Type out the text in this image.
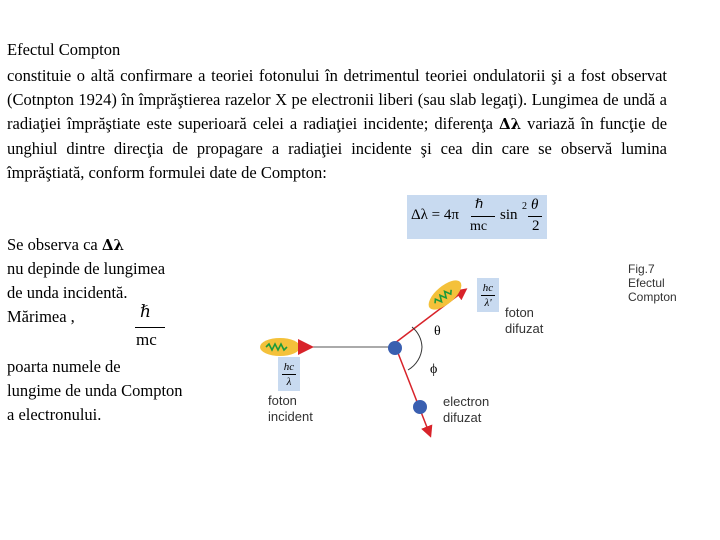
Efectul Compton

constituie o altă confirmare a teoriei fotonului în detrimentul teoriei ondulatorii şi a fost observat (Cotnpton 1924) în împrăştierea razelor X pe electronii liberi (sau slab legaţi). Lungimea de undă a radiaţiei împrăştiate este superioară celei a radiaţiei incidente; diferenţa Δλ variază în funcţie de unghiul dintre direcţia de propagare a radiaţiei incidente şi cea din care se observă lumina împrăştiată, conform formulei date de Compton:

Δλ = 4π
ℏ
mc
sin
2 θ
2
Se observa ca Δλ
nu depinde de lungimea
de unda incidentă.
Mărimea ,	ℏ
mc
poarta numele de
lungime de unda Compton
a electronului.
θ
ϕ
hc
λ
hc
λ'
foton
incident
foton
difuzat
electron
difuzat
Fig.7
Efectul
Compton
